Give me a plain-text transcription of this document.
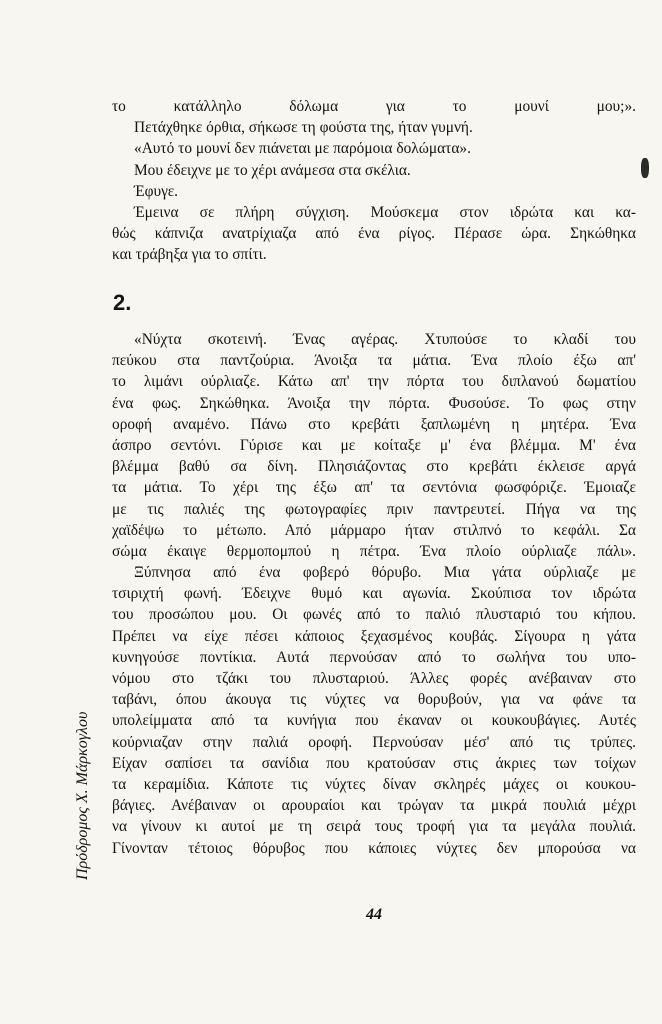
το κατάλληλο δόλωμα για το μουνί μου;».
Πετάχθηκε όρθια, σήκωσε τη φούστα της, ήταν γυμνή.
«Αυτό το μουνί δεν πιάνεται με παρόμοια δολώματα».
Μου έδειχνε με το χέρι ανάμεσα στα σκέλια.
Έφυγε.
Έμεινα σε πλήρη σύγχιση. Μούσκεμα στον ιδρώτα και κα-
θώς κάπνιζα ανατρίχιαζα από ένα ρίγος. Πέρασε ώρα. Σηκώθηκα
και τράβηξα για το σπίτι.
2.
«Νύχτα σκοτεινή. Ένας αγέρας. Χτυπούσε το κλαδί του
πεύκου στα παντζούρια. Άνοιξα τα μάτια. Ένα πλοίο έξω απ'
το λιμάνι ούρλιαζε. Κάτω απ' την πόρτα του διπλανού δωματίου
ένα φως. Σηκώθηκα. Άνοιξα την πόρτα. Φυσούσε. Το φως στην
οροφή αναμένο. Πάνω στο κρεβάτι ξαπλωμένη η μητέρα. Ένα
άσπρο σεντόνι. Γύρισε και με κοίταξε μ' ένα βλέμμα. Μ' ένα
βλέμμα βαθύ σα δίνη. Πλησιάζοντας στο κρεβάτι έκλεισε αργά
τα μάτια. Το χέρι της έξω απ' τα σεντόνια φωσφόριζε. Έμοιαζε
με τις παλιές της φωτογραφίες πριν παντρευτεί. Πήγα να της
χαϊδέψω το μέτωπο. Από μάρμαρο ήταν στιλπνό το κεφάλι. Σα
σώμα έκαιγε θερμοπομπού η πέτρα. Ένα πλοίο ούρλιαζε πάλι».
Ξύπνησα από ένα φοβερό θόρυβο. Μια γάτα ούρλιαζε με
τσιριχτή φωνή. Έδειχνε θυμό και αγωνία. Σκούπισα τον ιδρώτα
του προσώπου μου. Οι φωνές από το παλιό πλυσταριό του κήπου.
Πρέπει να είχε πέσει κάποιος ξεχασμένος κουβάς. Σίγουρα η γάτα
κυνηγούσε ποντίκια. Αυτά περνούσαν από το σωλήνα του υπο-
νόμου στο τζάκι του πλυσταριού. Άλλες φορές ανέβαιναν στο
ταβάνι, όπου άκουγα τις νύχτες να θορυβούν, για να φάνε τα
υπολείμματα από τα κυνήγια που έκαναν οι κουκουβάγιες. Αυτές
κούρνιαζαν στην παλιά οροφή. Περνούσαν μέσ' από τις τρύπες.
Είχαν σαπίσει τα σανίδια που κρατούσαν στις άκριες των τοίχων
τα κεραμίδια. Κάποτε τις νύχτες δίναν σκληρές μάχες οι κουκου-
βάγιες. Ανέβαιναν οι αρουραίοι και τρώγαν τα μικρά πουλιά μέχρι
να γίνουν κι αυτοί με τη σειρά τους τροφή για τα μεγάλα πουλιά.
Γίνονταν τέτοιος θόρυβος που κάποιες νύχτες δεν μπορούσα να
44
Πρόδρομος Χ. Μάρκογλου
